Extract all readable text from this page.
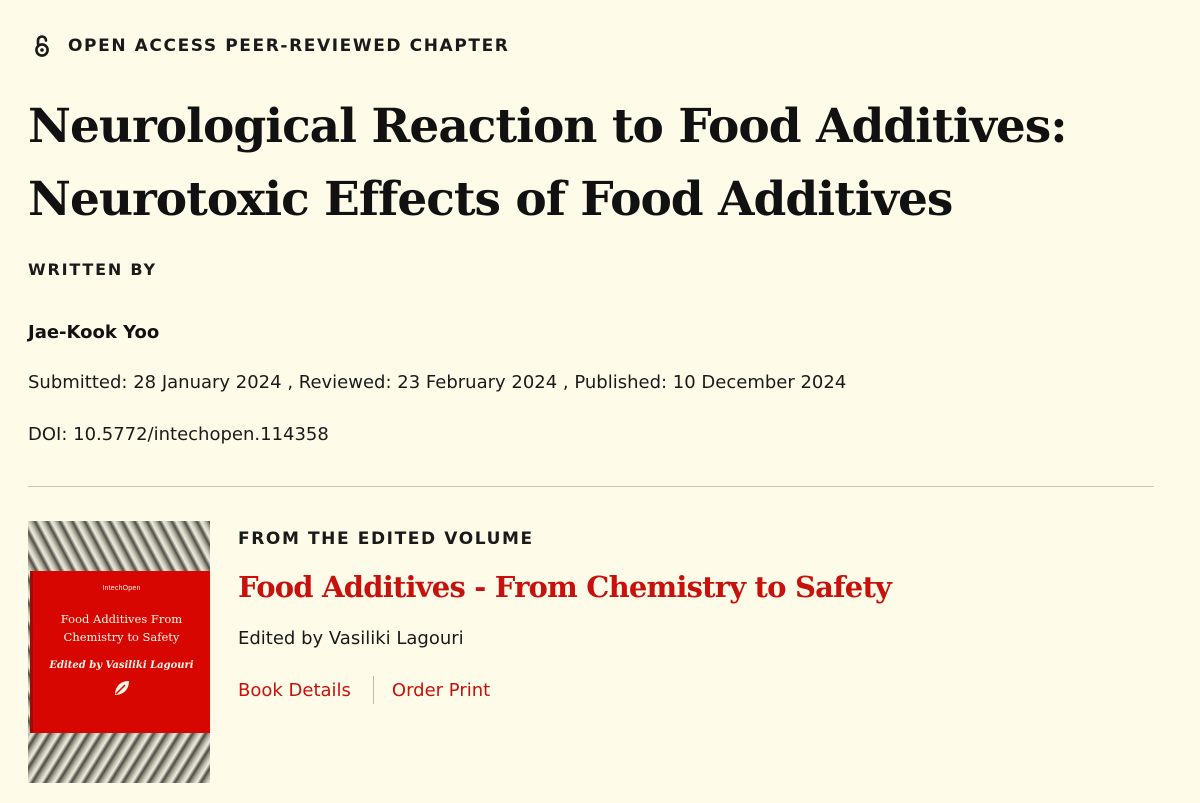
OPEN ACCESS PEER-REVIEWED CHAPTER
Neurological Reaction to Food Additives: Neurotoxic Effects of Food Additives
WRITTEN BY
Jae-Kook Yoo
Submitted: 28 January 2024 , Reviewed: 23 February 2024 , Published: 10 December 2024
DOI: 10.5772/intechopen.114358
IntechOpen
Food Additives From Chemistry to Safety
Edited by Vasiliki Lagouri
FROM THE EDITED VOLUME
Food Additives - From Chemistry to Safety
Edited by Vasiliki Lagouri
Book Details Order Print
